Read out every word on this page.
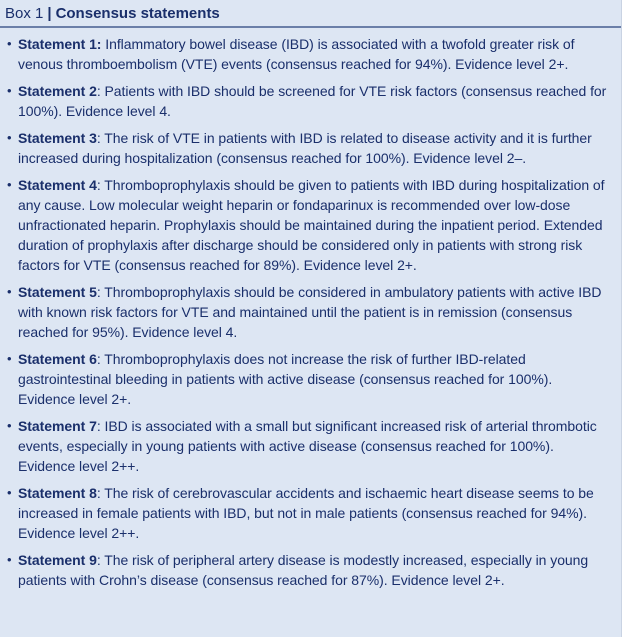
Box 1 | Consensus statements
• Statement 1: Inflammatory bowel disease (IBD) is associated with a twofold greater risk of venous thromboembolism (VTE) events (consensus reached for 94%). Evidence level 2+.
• Statement 2: Patients with IBD should be screened for VTE risk factors (consensus reached for 100%). Evidence level 4.
• Statement 3: The risk of VTE in patients with IBD is related to disease activity and it is further increased during hospitalization (consensus reached for 100%). Evidence level 2–.
• Statement 4: Thromboprophylaxis should be given to patients with IBD during hospitalization of any cause. Low molecular weight heparin or fondaparinux is recommended over low-dose unfractionated heparin. Prophylaxis should be maintained during the inpatient period. Extended duration of prophylaxis after discharge should be considered only in patients with strong risk factors for VTE (consensus reached for 89%). Evidence level 2+.
• Statement 5: Thromboprophylaxis should be considered in ambulatory patients with active IBD with known risk factors for VTE and maintained until the patient is in remission (consensus reached for 95%). Evidence level 4.
• Statement 6: Thromboprophylaxis does not increase the risk of further IBD-related gastrointestinal bleeding in patients with active disease (consensus reached for 100%). Evidence level 2+.
• Statement 7: IBD is associated with a small but significant increased risk of arterial thrombotic events, especially in young patients with active disease (consensus reached for 100%). Evidence level 2++.
• Statement 8: The risk of cerebrovascular accidents and ischaemic heart disease seems to be increased in female patients with IBD, but not in male patients (consensus reached for 94%). Evidence level 2++.
• Statement 9: The risk of peripheral artery disease is modestly increased, especially in young patients with Crohn’s disease (consensus reached for 87%). Evidence level 2+.
